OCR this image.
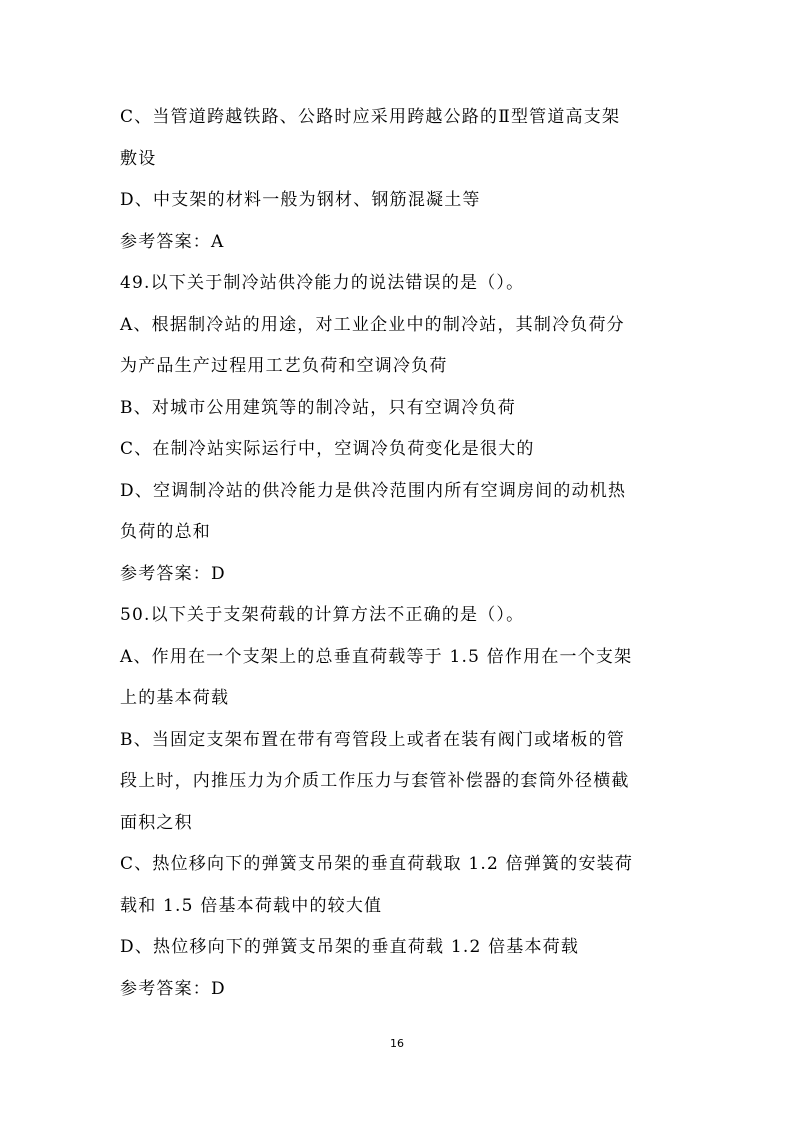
C、当管道跨越铁路、公路时应采用跨越公路的Ⅱ型管道高支架
敷设
D、中支架的材料一般为钢材、钢筋混凝土等
参考答案：A
49.以下关于制冷站供冷能力的说法错误的是（）。
A、根据制冷站的用途，对工业企业中的制冷站，其制冷负荷分
为产品生产过程用工艺负荷和空调冷负荷
B、对城市公用建筑等的制冷站，只有空调冷负荷
C、在制冷站实际运行中，空调冷负荷变化是很大的
D、空调制冷站的供冷能力是供冷范围内所有空调房间的动机热
负荷的总和
参考答案：D
50.以下关于支架荷载的计算方法不正确的是（）。
A、作用在一个支架上的总垂直荷载等于 1.5 倍作用在一个支架
上的基本荷载
B、当固定支架布置在带有弯管段上或者在装有阀门或堵板的管
段上时，内推压力为介质工作压力与套管补偿器的套筒外径横截
面积之积
C、热位移向下的弹簧支吊架的垂直荷载取 1.2 倍弹簧的安装荷
载和 1.5 倍基本荷载中的较大值
D、热位移向下的弹簧支吊架的垂直荷载 1.2 倍基本荷载
参考答案：D
16
